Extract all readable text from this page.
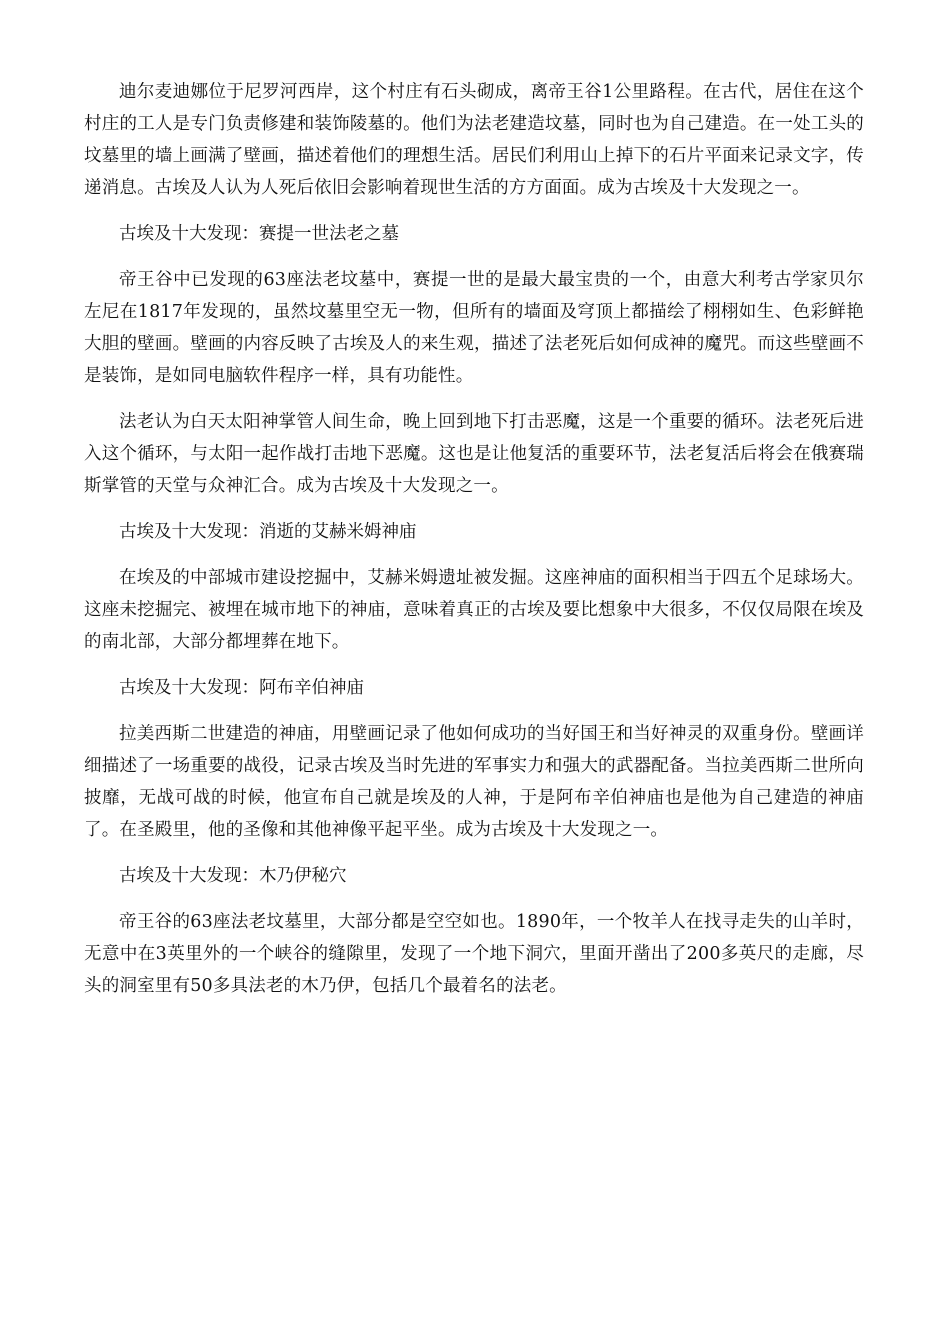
迪尔麦迪娜位于尼罗河西岸，这个村庄有石头砌成，离帝王谷1公里路程。在古代，居住在这个村庄的工人是专门负责修建和装饰陵墓的。他们为法老建造坟墓，同时也为自己建造。在一处工头的坟墓里的墙上画满了壁画，描述着他们的理想生活。居民们利用山上掉下的石片平面来记录文字，传递消息。古埃及人认为人死后依旧会影响着现世生活的方方面面。成为古埃及十大发现之一。

古埃及十大发现：赛提一世法老之墓

帝王谷中已发现的63座法老坟墓中，赛提一世的是最大最宝贵的一个，由意大利考古学家贝尔左尼在1817年发现的，虽然坟墓里空无一物，但所有的墙面及穹顶上都描绘了栩栩如生、色彩鲜艳大胆的壁画。壁画的内容反映了古埃及人的来生观，描述了法老死后如何成神的魔咒。而这些壁画不是装饰，是如同电脑软件程序一样，具有功能性。

法老认为白天太阳神掌管人间生命，晚上回到地下打击恶魔，这是一个重要的循环。法老死后进入这个循环，与太阳一起作战打击地下恶魔。这也是让他复活的重要环节，法老复活后将会在俄赛瑞斯掌管的天堂与众神汇合。成为古埃及十大发现之一。

古埃及十大发现：消逝的艾赫米姆神庙

在埃及的中部城市建设挖掘中，艾赫米姆遗址被发掘。这座神庙的面积相当于四五个足球场大。这座未挖掘完、被埋在城市地下的神庙，意味着真正的古埃及要比想象中大很多，不仅仅局限在埃及的南北部，大部分都埋葬在地下。

古埃及十大发现：阿布辛伯神庙

拉美西斯二世建造的神庙，用壁画记录了他如何成功的当好国王和当好神灵的双重身份。壁画详细描述了一场重要的战役，记录古埃及当时先进的军事实力和强大的武器配备。当拉美西斯二世所向披靡，无战可战的时候，他宣布自己就是埃及的人神，于是阿布辛伯神庙也是他为自己建造的神庙了。在圣殿里，他的圣像和其他神像平起平坐。成为古埃及十大发现之一。

古埃及十大发现：木乃伊秘穴

帝王谷的63座法老坟墓里，大部分都是空空如也。1890年，一个牧羊人在找寻走失的山羊时，无意中在3英里外的一个峡谷的缝隙里，发现了一个地下洞穴，里面开凿出了200多英尺的走廊，尽头的洞室里有50多具法老的木乃伊，包括几个最着名的法老。
